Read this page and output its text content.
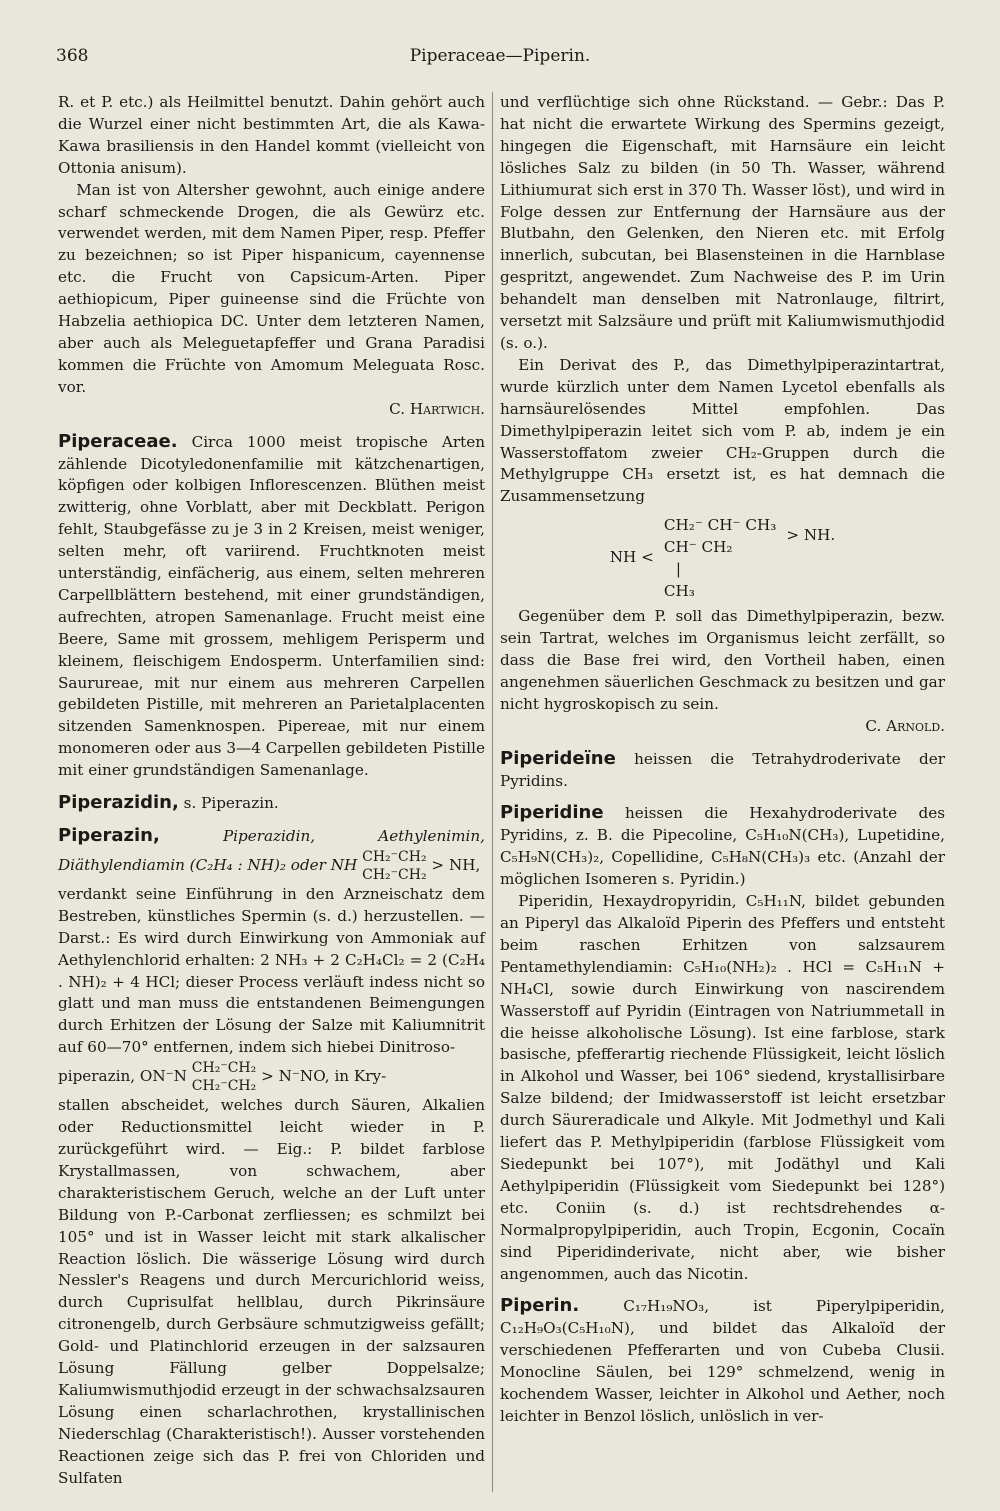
368	Piperaceae—Piperin.

R. et P. etc.) als Heilmittel benutzt. Dahin gehört auch die Wurzel einer nicht bestimmten Art, die als Kawa-Kawa brasiliensis in den Handel kommt (vielleicht von Ottonia anisum).

Man ist von Altersher gewohnt, auch einige andere scharf schmeckende Drogen, die als Gewürz etc. verwendet werden, mit dem Namen Piper, resp. Pfeffer zu bezeichnen; so ist Piper hispanicum, cayennense etc. die Frucht von Capsicum-Arten. Piper aethiopicum, Piper guineense sind die Früchte von Habzelia aethiopica DC. Unter dem letzteren Namen, aber auch als Meleguetapfeffer und Grana Paradisi kommen die Früchte von Amomum Meleguata Rosc. vor.

C. Hartwich.

Piperaceae. Circa 1000 meist tropische Arten zählende Dicotyledonenfamilie mit kätzchenartigen, köpfigen oder kolbigen Inflorescenzen. Blüthen meist zwitterig, ohne Vorblatt, aber mit Deckblatt. Perigon fehlt, Staubgefässe zu je 3 in 2 Kreisen, meist weniger, selten mehr, oft variirend. Fruchtknoten meist unterständig, einfächerig, aus einem, selten mehreren Carpellblättern bestehend, mit einer grundständigen, aufrechten, atropen Samenanlage. Frucht meist eine Beere, Same mit grossem, mehligem Perisperm und kleinem, fleischigem Endosperm. Unterfamilien sind: Saurureae, mit nur einem aus mehreren Carpellen gebildeten Pistille, mit mehreren an Parietalplacenten sitzenden Samenknospen. Pipereae, mit nur einem monomeren oder aus 3—4 Carpellen gebildeten Pistille mit einer grundständigen Samenanlage.

Piperazidin, s. Piperazin.

Piperazin,	Piperazidin, Aethylenimin, Diäthylendiamin (C₂H₄ : NH)₂ oder NH CH₂⁻CH₂
CH₂⁻CH₂
> NH,

verdankt seine Einführung in den Arzneischatz dem Bestreben, künstliches Spermin (s. d.) herzustellen. — Darst.: Es wird durch Einwirkung von Ammoniak auf Aethylenchlorid erhalten: 2 NH₃ + 2 C₂H₄Cl₂ = 2 (C₂H₄ . NH)₂ + 4 HCl; dieser Process verläuft indess nicht so glatt und man muss die entstandenen Beimengungen durch Erhitzen der Lösung der Salze mit Kaliumnitrit auf 60—70° entfernen, indem sich hiebei Dinitroso-

piperazin, ON⁻N CH₂⁻CH₂
CH₂⁻CH₂
> N⁻NO, in Kry-

stallen abscheidet, welches durch Säuren, Alkalien oder Reductionsmittel leicht wieder in P. zurückgeführt wird. — Eig.: P. bildet farblose Krystallmassen, von schwachem, aber charakteristischem Geruch, welche an der Luft unter Bildung von P.-Carbonat zerfliessen; es schmilzt bei 105° und ist in Wasser leicht mit stark alkalischer Reaction löslich. Die wässerige Lösung wird durch Nessler's Reagens und durch Mercurichlorid weiss, durch Cuprisulfat hellblau, durch Pikrinsäure citronengelb, durch Gerbsäure schmutzigweiss gefällt; Gold- und Platinchlorid erzeugen in der salzsauren Lösung Fällung gelber Doppelsalze; Kaliumwismuthjodid erzeugt in der schwachsalzsauren Lösung einen scharlachrothen, krystallinischen Niederschlag (Charakteristisch!). Ausser vorstehenden Reactionen zeige sich das P. frei von Chloriden und Sulfaten

und verflüchtige sich ohne Rückstand. — Gebr.: Das P. hat nicht die erwartete Wirkung des Spermins gezeigt, hingegen die Eigenschaft, mit Harnsäure ein leicht lösliches Salz zu bilden (in 50 Th. Wasser, während Lithiumurat sich erst in 370 Th. Wasser löst), und wird in Folge dessen zur Entfernung der Harnsäure aus der Blutbahn, den Gelenken, den Nieren etc. mit Erfolg innerlich, subcutan, bei Blasensteinen in die Harnblase gespritzt, angewendet. Zum Nachweise des P. im Urin behandelt man denselben mit Natronlauge, filtrirt, versetzt mit Salzsäure und prüft mit Kaliumwismuthjodid (s. o.).

Ein Derivat des P., das Dimethylpiperazintartrat, wurde kürzlich unter dem Namen Lycetol ebenfalls als harnsäurelösendes Mittel empfohlen. Das Dimethylpiperazin leitet sich vom P. ab, indem je ein Wasserstoffatom zweier CH₂-Gruppen durch die Methylgruppe CH₃ ersetzt ist, es hat demnach die Zusammensetzung

NH <
CH₂⁻ CH⁻ CH₃
CH⁻ CH₂
|
CH₃
> NH.

Gegenüber dem P. soll das Dimethylpiperazin, bezw. sein Tartrat, welches im Organismus leicht zerfällt, so dass die Base frei wird, den Vortheil haben, einen angenehmen säuerlichen Geschmack zu besitzen und gar nicht hygroskopisch zu sein.

C. Arnold.

Piperideïne heissen die Tetrahydroderivate der Pyridins.

Piperidine heissen die Hexahydroderivate des Pyridins, z. B. die Pipecoline, C₅H₁₀N(CH₃), Lupetidine, C₅H₉N(CH₃)₂, Copellidine, C₅H₈N(CH₃)₃ etc. (Anzahl der möglichen Isomeren s. Pyridin.)

Piperidin, Hexaydropyridin, C₅H₁₁N, bildet gebunden an Piperyl das Alkaloïd Piperin des Pfeffers und entsteht beim raschen Erhitzen von salzsaurem Pentamethylendiamin: C₅H₁₀(NH₂)₂ . HCl = C₅H₁₁N + NH₄Cl, sowie durch Einwirkung von nascirendem Wasserstoff auf Pyridin (Eintragen von Natriummetall in die heisse alkoholische Lösung). Ist eine farblose, stark basische, pfefferartig riechende Flüssigkeit, leicht löslich in Alkohol und Wasser, bei 106° siedend, krystallisirbare Salze bildend; der Imidwasserstoff ist leicht ersetzbar durch Säureradicale und Alkyle. Mit Jodmethyl und Kali liefert das P. Methylpiperidin (farblose Flüssigkeit vom Siedepunkt bei 107°), mit Jodäthyl und Kali Aethylpiperidin (Flüssigkeit vom Siedepunkt bei 128°) etc. Coniin (s. d.) ist rechtsdrehendes α-Normalpropylpiperidin, auch Tropin, Ecgonin, Cocaïn sind Piperidinderivate, nicht aber, wie bisher angenommen, auch das Nicotin.

Piperin.	C₁₇H₁₉NO₃, ist Piperylpiperidin, C₁₂H₉O₃(C₅H₁₀N), und bildet das Alkaloïd der verschiedenen Pfefferarten und von Cubeba Clusii. Monocline Säulen, bei 129° schmelzend, wenig in kochendem Wasser, leichter in Alkohol und Aether, noch leichter in Benzol löslich, unlöslich in ver-
